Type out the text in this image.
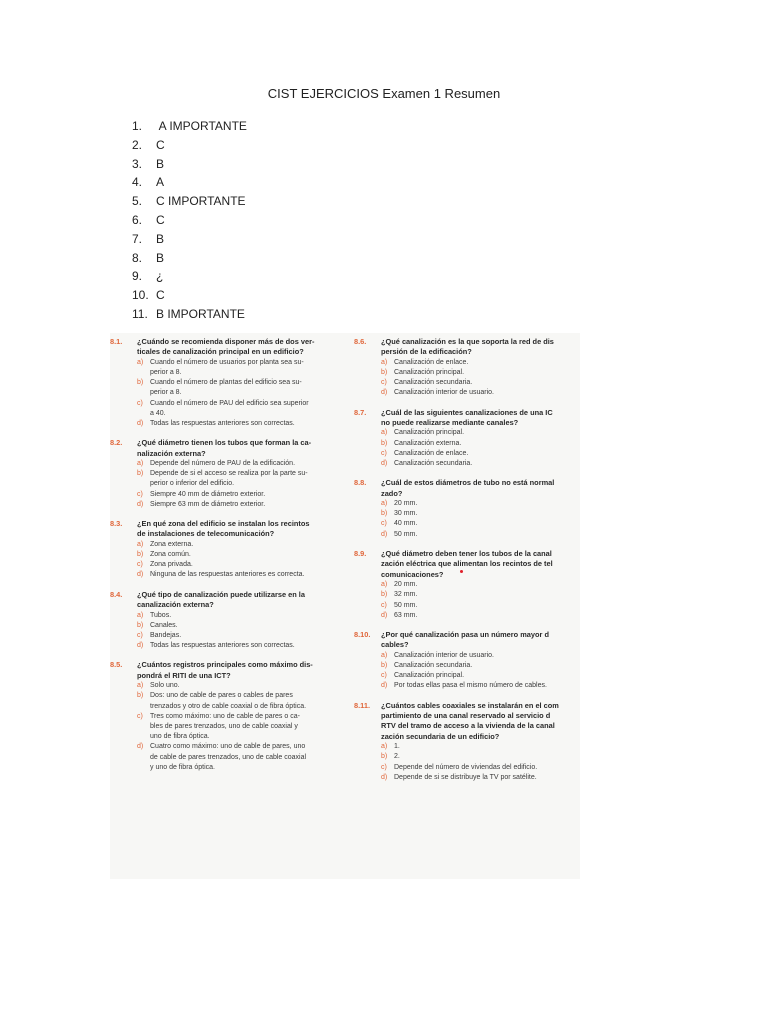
CIST EJERCICIOS Examen 1 Resumen
1.	A IMPORTANTE
2.	C
3.	B
4.	A
5.	C IMPORTANTE
6.	C
7.	B
8.	B
9.	¿
10. C
11. B IMPORTANTE
8.1.	¿Cuándo se recomienda disponer más de dos ver-
ticales de canalización principal en un edificio?
a) Cuando el número de usuarios por planta sea su-
perior a 8.
b) Cuando el número de plantas del edificio sea su-
perior a 8.
c)	Cuando el número de PAU del edificio sea superior
a 40.
d) Todas las respuestas anteriores son correctas.
8.2.	¿Qué diámetro tienen los tubos que forman la ca-
nalización externa?
a) Depende del número de PAU de la edificación.
b) Depende de si el acceso se realiza por la parte su-
perior o inferior del edificio.
c)	Siempre 40 mm de diámetro exterior.
d) Siempre 63 mm de diámetro exterior.
8.3.	¿En qué zona del edificio se instalan los recintos
de instalaciones de telecomunicación?
a) Zona externa.
b) Zona común.
c)	Zona privada.
d) Ninguna de las respuestas anteriores es correcta.
8.4.	¿Qué tipo de canalización puede utilizarse en la
canalización externa?
a) Tubos.
b) Canales.
c)	Bandejas.
d) Todas las respuestas anteriores son correctas.
8.5.	¿Cuántos registros principales como máximo dis-
pondrá el RITI de una ICT?
a) Solo uno.
b) Dos: uno de cable de pares o cables de pares
trenzados y otro de cable coaxial o de fibra óptica.
c)	Tres como máximo: uno de cable de pares o ca-
bles de pares trenzados, uno de cable coaxial y
uno de fibra óptica.
d) Cuatro como máximo: uno de cable de pares, uno
de cable de pares trenzados, uno de cable coaxial
y uno de fibra óptica.
8.6.	¿Qué canalización es la que soporta la red de dis
persión de la edificación?
a) Canalización de enlace.
b) Canalización principal.
c)	Canalización secundaria.
d) Canalización interior de usuario.
8.7.	¿Cuál de las siguientes canalizaciones de una IC
no puede realizarse mediante canales?
a) Canalización principal.
b) Canalización externa.
c)	Canalización de enlace.
d) Canalización secundaria.
8.8.	¿Cuál de estos diámetros de tubo no está normal
zado?
a) 20 mm.
b) 30 mm.
c)	40 mm.
d) 50 mm.
8.9.	¿Qué diámetro deben tener los tubos de la canal
zación eléctrica que alimentan los recintos de tel
comunicaciones?
a) 20 mm.
b) 32 mm.
c)	50 mm.
d) 63 mm.
8.10.	¿Por qué canalización pasa un número mayor d
cables?
a) Canalización interior de usuario.
b) Canalización secundaria.
c)	Canalización principal.
d) Por todas ellas pasa el mismo número de cables.
8.11.	¿Cuántos cables coaxiales se instalarán en el com
partimiento de una canal reservado al servicio d
RTV del tramo de acceso a la vivienda de la canal
zación secundaria de un edificio?
a) 1.
b) 2.
c)	Depende del número de viviendas del edificio.
d) Depende de si se distribuye la TV por satélite.
